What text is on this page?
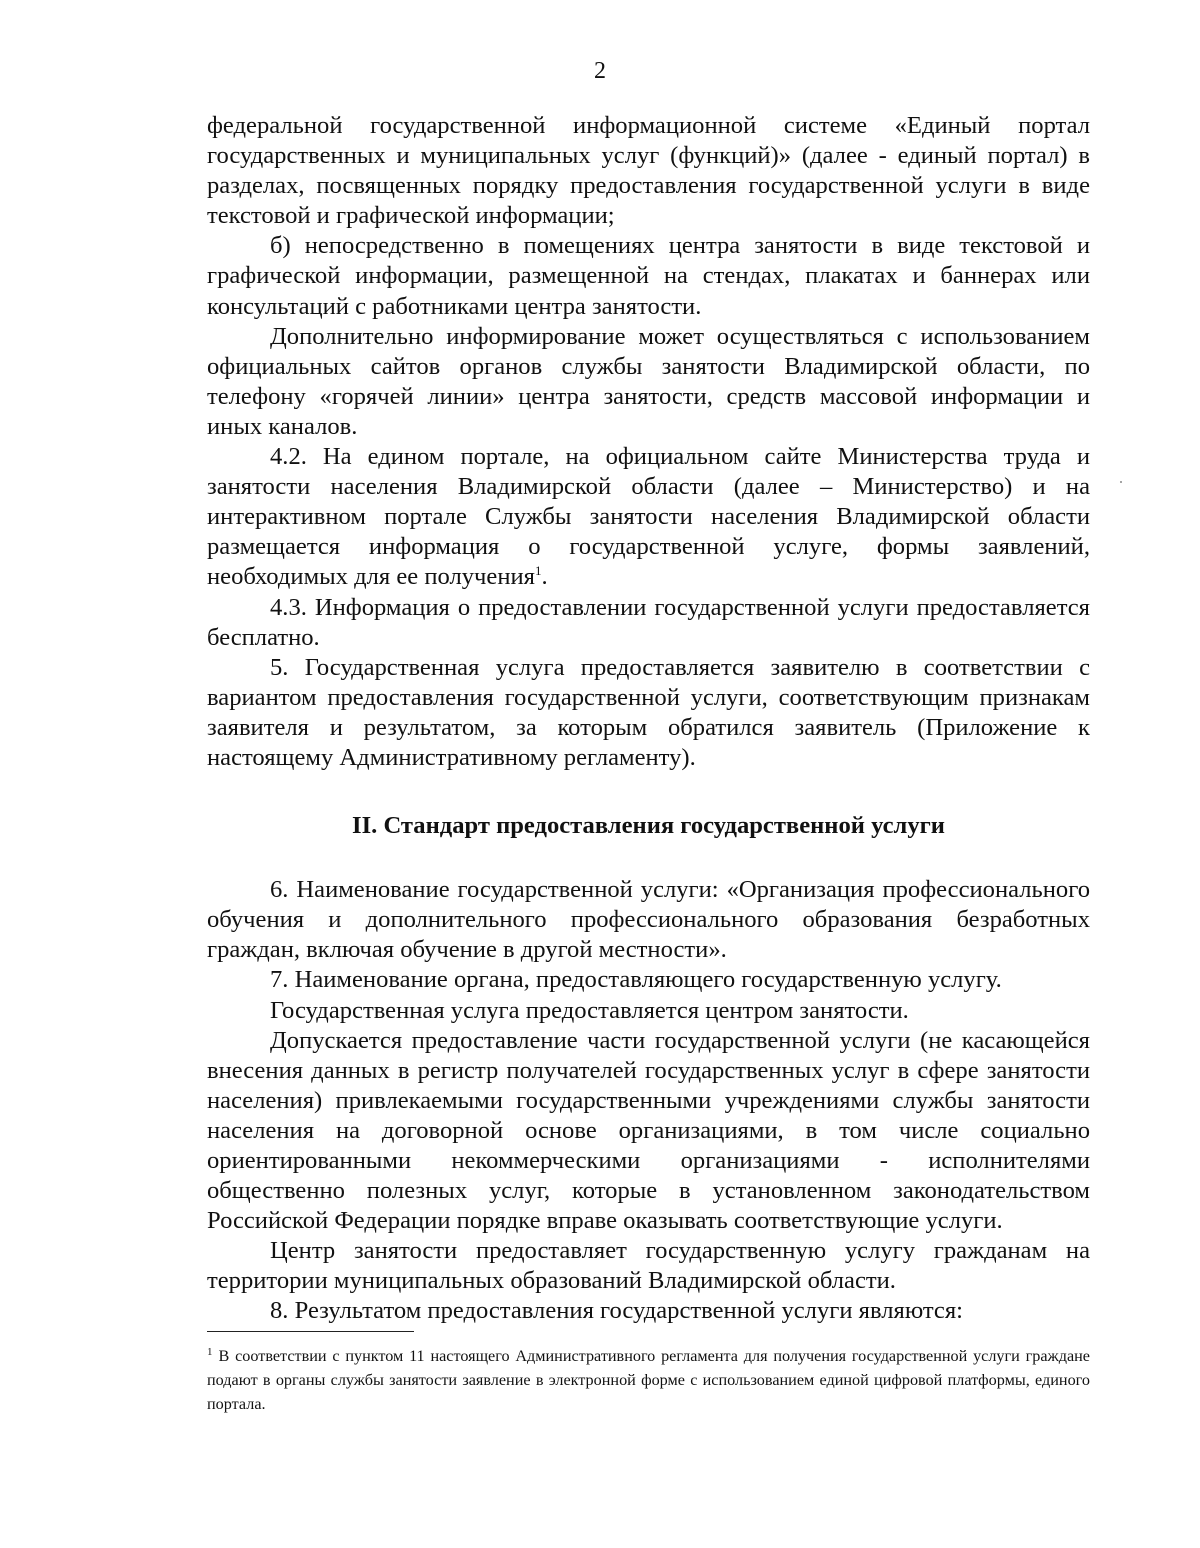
2

федеральной государственной информационной системе «Единый портал государственных и муниципальных услуг (функций)» (далее - единый портал) в разделах, посвященных порядку предоставления государственной услуги в виде текстовой и графической информации;

б) непосредственно в помещениях центра занятости в виде текстовой и графической информации, размещенной на стендах, плакатах и баннерах или консультаций с работниками центра занятости.

Дополнительно информирование может осуществляться с использованием официальных сайтов органов службы занятости Владимирской области, по телефону «горячей линии» центра занятости, средств массовой информации и иных каналов.

4.2. На едином портале, на официальном сайте Министерства труда и занятости населения Владимирской области (далее – Министерство) и на интерактивном портале Службы занятости населения Владимирской области размещается информация о государственной услуге, формы заявлений, необходимых для ее получения$^1$.

4.3. Информация о предоставлении государственной услуги предоставляется бесплатно.

5. Государственная услуга предоставляется заявителю в соответствии с вариантом предоставления государственной услуги, соответствующим признакам заявителя и результатом, за которым обратился заявитель (Приложение к настоящему Административному регламенту).

II. Стандарт предоставления государственной услуги

6. Наименование государственной услуги: «Организация профессионального обучения и дополнительного профессионального образования безработных граждан, включая обучение в другой местности».

7. Наименование органа, предоставляющего государственную услугу.

Государственная услуга предоставляется центром занятости.

Допускается предоставление части государственной услуги (не касающейся внесения данных в регистр получателей государственных услуг в сфере занятости населения) привлекаемыми государственными учреждениями службы занятости населения на договорной основе организациями, в том числе социально ориентированными некоммерческими организациями - исполнителями общественно полезных услуг, которые в установленном законодательством Российской Федерации порядке вправе оказывать соответствующие услуги.

Центр занятости предоставляет государственную услугу гражданам на территории муниципальных образований Владимирской области.

8. Результатом предоставления государственной услуги являются:

$^1$ В соответствии с пунктом 11 настоящего Административного регламента для получения государственной услуги граждане подают в органы службы занятости заявление в электронной форме с использованием единой цифровой платформы, единого портала.
